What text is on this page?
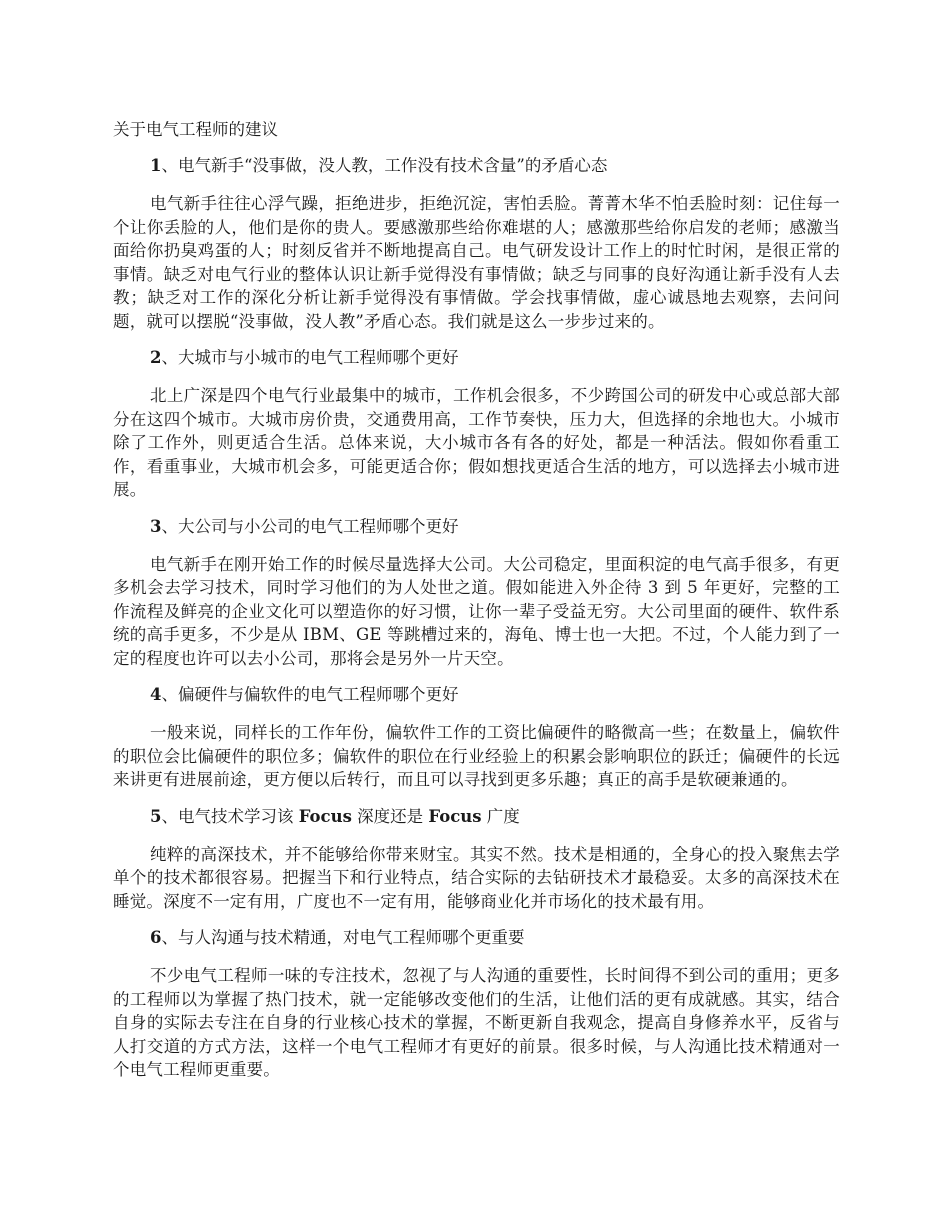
关于电气工程师的建议

1、电气新手“没事做，没人教，工作没有技术含量”的矛盾心态

电气新手往往心浮气躁，拒绝进步，拒绝沉淀，害怕丢脸。菁菁木华不怕丢脸时刻：记住每一个让你丢脸的人，他们是你的贵人。要感激那些给你难堪的人；感激那些给你启发的老师；感激当面给你扔臭鸡蛋的人；时刻反省并不断地提高自己。电气研发设计工作上的时忙时闲，是很正常的事情。缺乏对电气行业的整体认识让新手觉得没有事情做；缺乏与同事的良好沟通让新手没有人去教；缺乏对工作的深化分析让新手觉得没有事情做。学会找事情做，虚心诚恳地去观察，去问问题，就可以摆脱“没事做，没人教”矛盾心态。我们就是这么一步步过来的。

2、大城市与小城市的电气工程师哪个更好

北上广深是四个电气行业最集中的城市，工作机会很多，不少跨国公司的研发中心或总部大部分在这四个城市。大城市房价贵，交通费用高，工作节奏快，压力大，但选择的余地也大。小城市除了工作外，则更适合生活。总体来说，大小城市各有各的好处，都是一种活法。假如你看重工作，看重事业，大城市机会多，可能更适合你；假如想找更适合生活的地方，可以选择去小城市进展。

3、大公司与小公司的电气工程师哪个更好

电气新手在刚开始工作的时候尽量选择大公司。大公司稳定，里面积淀的电气高手很多，有更多机会去学习技术，同时学习他们的为人处世之道。假如能进入外企待 3 到 5 年更好，完整的工作流程及鲜亮的企业文化可以塑造你的好习惯，让你一辈子受益无穷。大公司里面的硬件、软件系统的高手更多，不少是从 IBM、GE 等跳槽过来的，海龟、博士也一大把。不过，个人能力到了一定的程度也许可以去小公司，那将会是另外一片天空。

4、偏硬件与偏软件的电气工程师哪个更好

一般来说，同样长的工作年份，偏软件工作的工资比偏硬件的略微高一些；在数量上，偏软件的职位会比偏硬件的职位多；偏软件的职位在行业经验上的积累会影响职位的跃迁；偏硬件的长远来讲更有进展前途，更方便以后转行，而且可以寻找到更多乐趣；真正的高手是软硬兼通的。

5、电气技术学习该 Focus 深度还是 Focus 广度

纯粹的高深技术，并不能够给你带来财宝。其实不然。技术是相通的，全身心的投入聚焦去学单个的技术都很容易。把握当下和行业特点，结合实际的去钻研技术才最稳妥。太多的高深技术在睡觉。深度不一定有用，广度也不一定有用，能够商业化并市场化的技术最有用。

6、与人沟通与技术精通，对电气工程师哪个更重要

不少电气工程师一味的专注技术，忽视了与人沟通的重要性，长时间得不到公司的重用；更多的工程师以为掌握了热门技术，就一定能够改变他们的生活，让他们活的更有成就感。其实，结合自身的实际去专注在自身的行业核心技术的掌握，不断更新自我观念，提高自身修养水平，反省与人打交道的方式方法，这样一个电气工程师才有更好的前景。很多时候，与人沟通比技术精通对一个电气工程师更重要。
